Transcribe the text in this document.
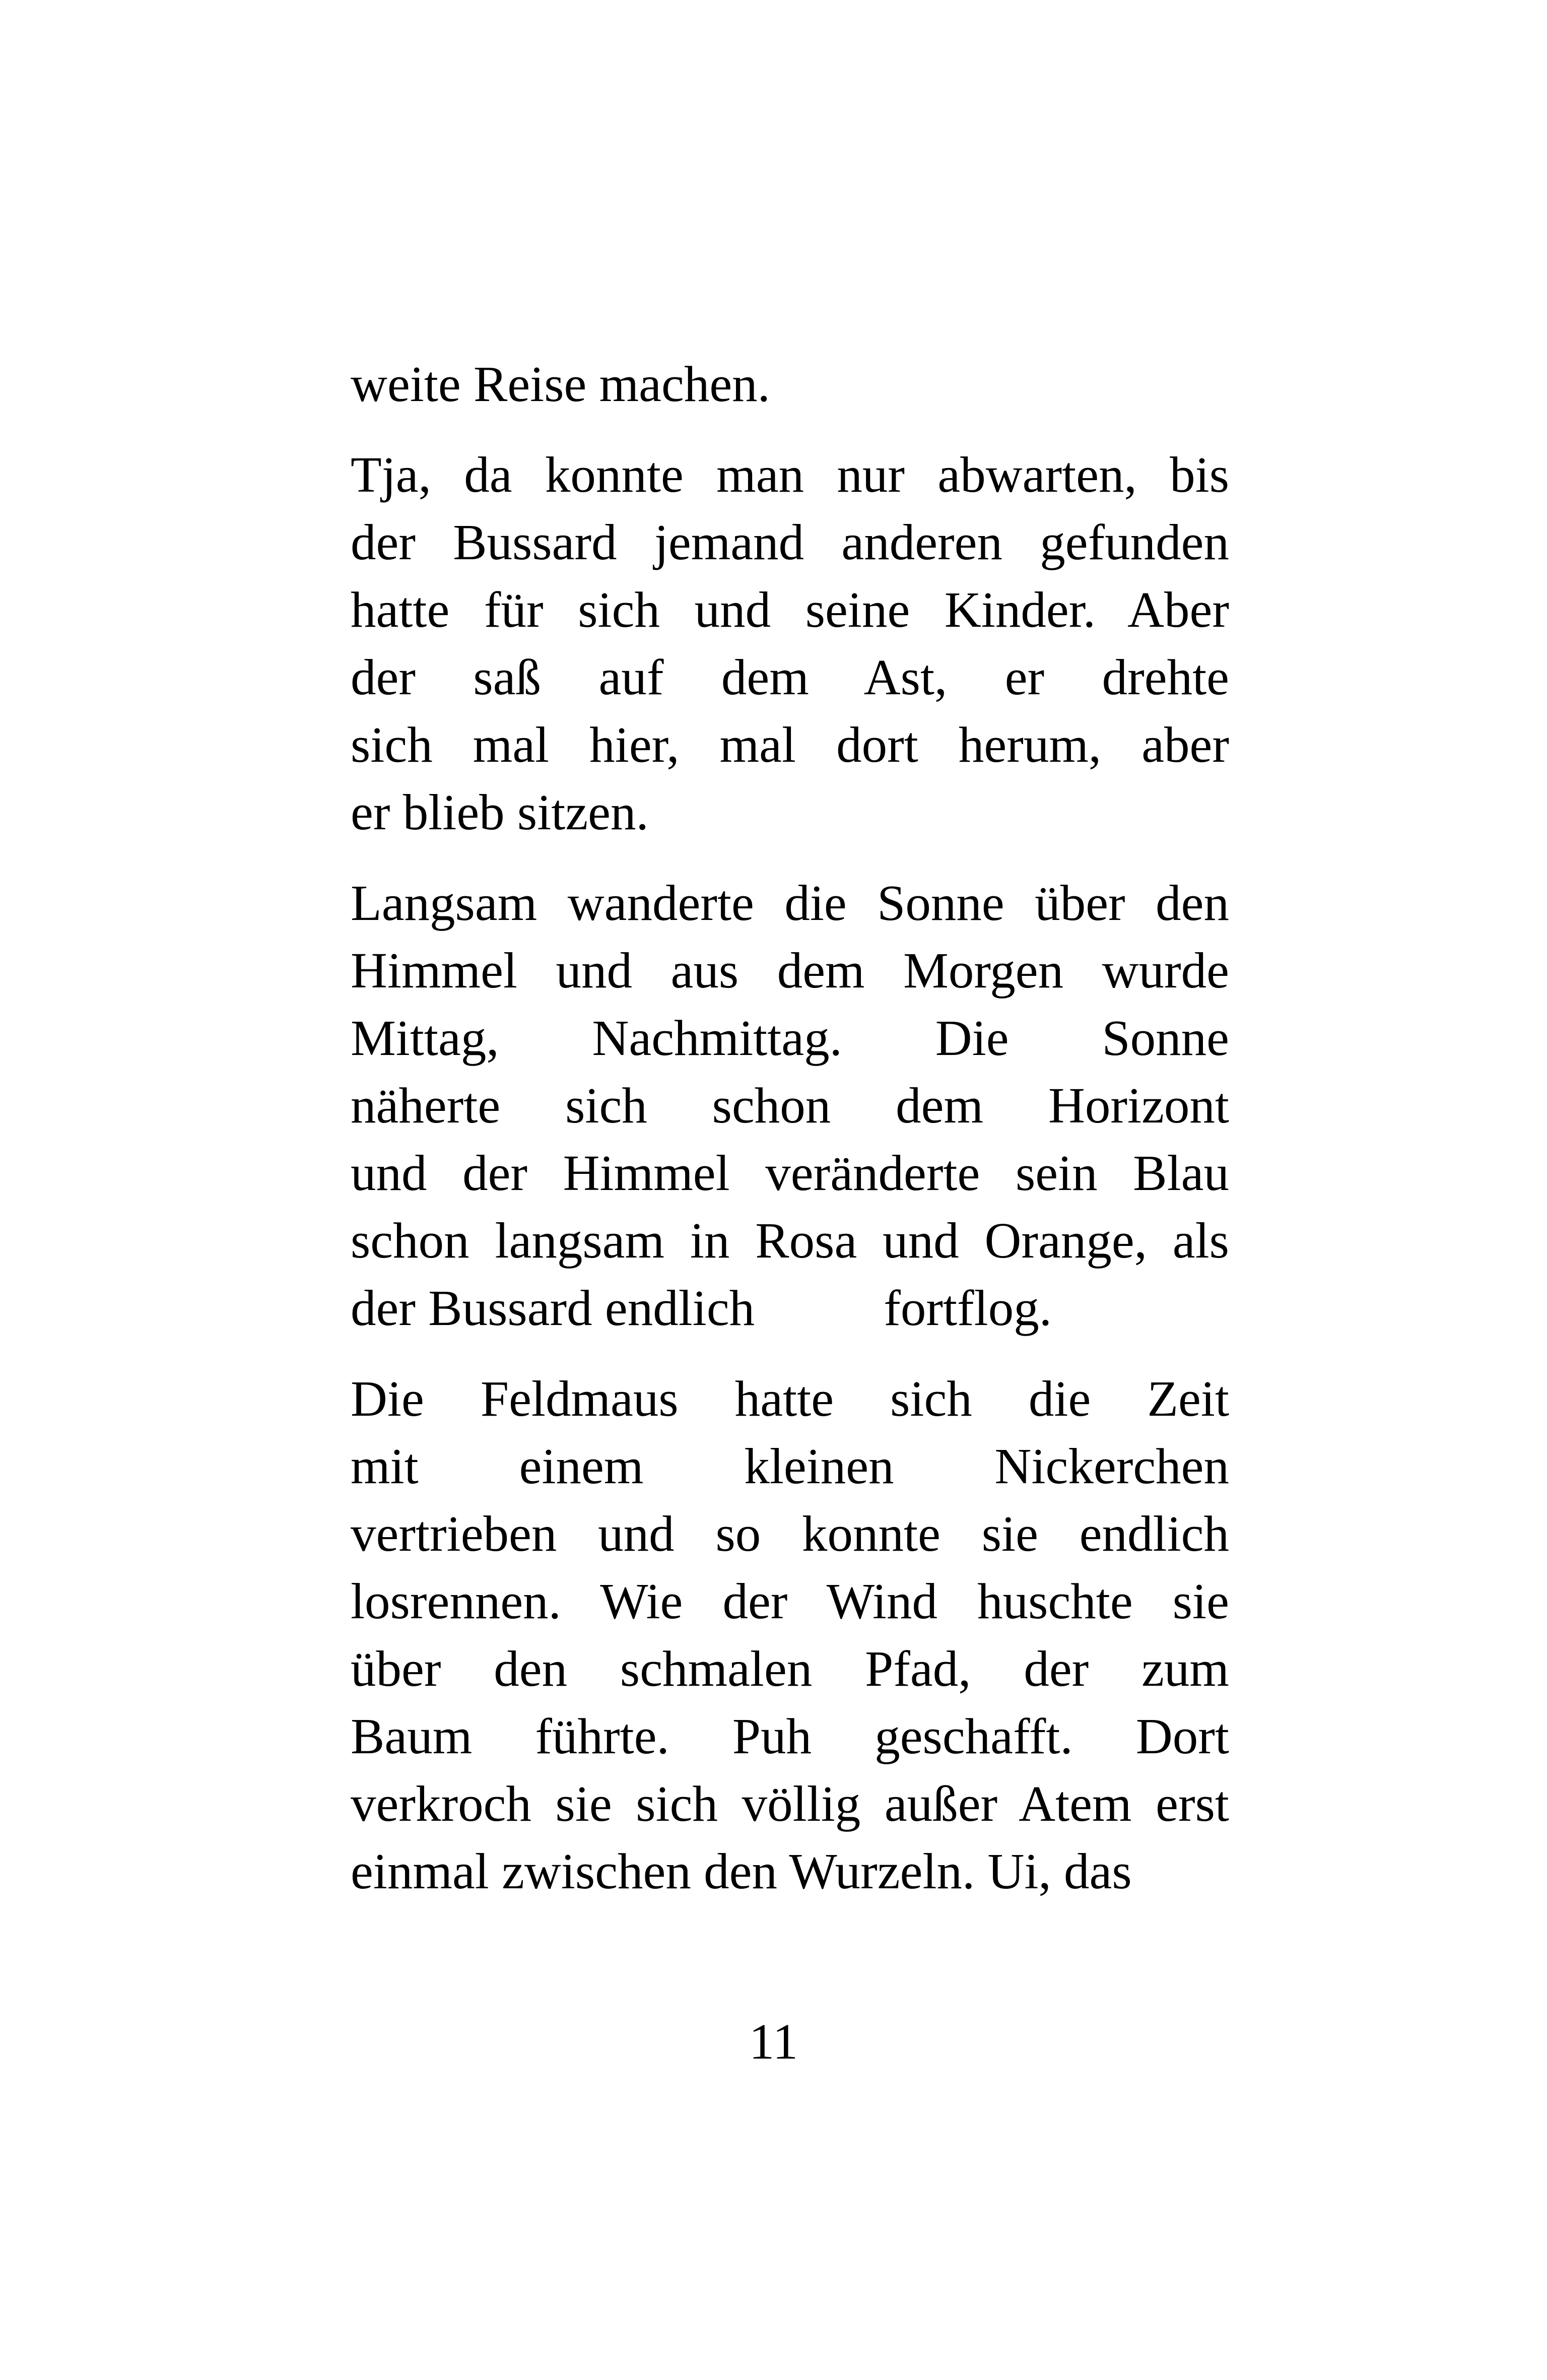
weite Reise machen.
Tja, da konnte man nur abwarten, bis
der Bussard jemand anderen gefunden
hatte für sich und seine Kinder. Aber
der saß auf dem Ast, er drehte
sich mal hier, mal dort herum, aber
er blieb sitzen.
Langsam wanderte die Sonne über den
Himmel und aus dem Morgen wurde
Mittag, Nachmittag. Die Sonne
näherte sich schon dem Horizont
und der Himmel veränderte sein Blau
schon langsam in Rosa und Orange, als
der Bussard endlich	fortflog.
Die Feldmaus hatte sich die Zeit
mit einem kleinen Nickerchen
vertrieben und so konnte sie endlich
losrennen. Wie der Wind huschte sie
über den schmalen Pfad, der zum
Baum führte. Puh geschafft. Dort
verkroch sie sich völlig außer Atem erst
einmal zwischen den Wurzeln. Ui, das
11
